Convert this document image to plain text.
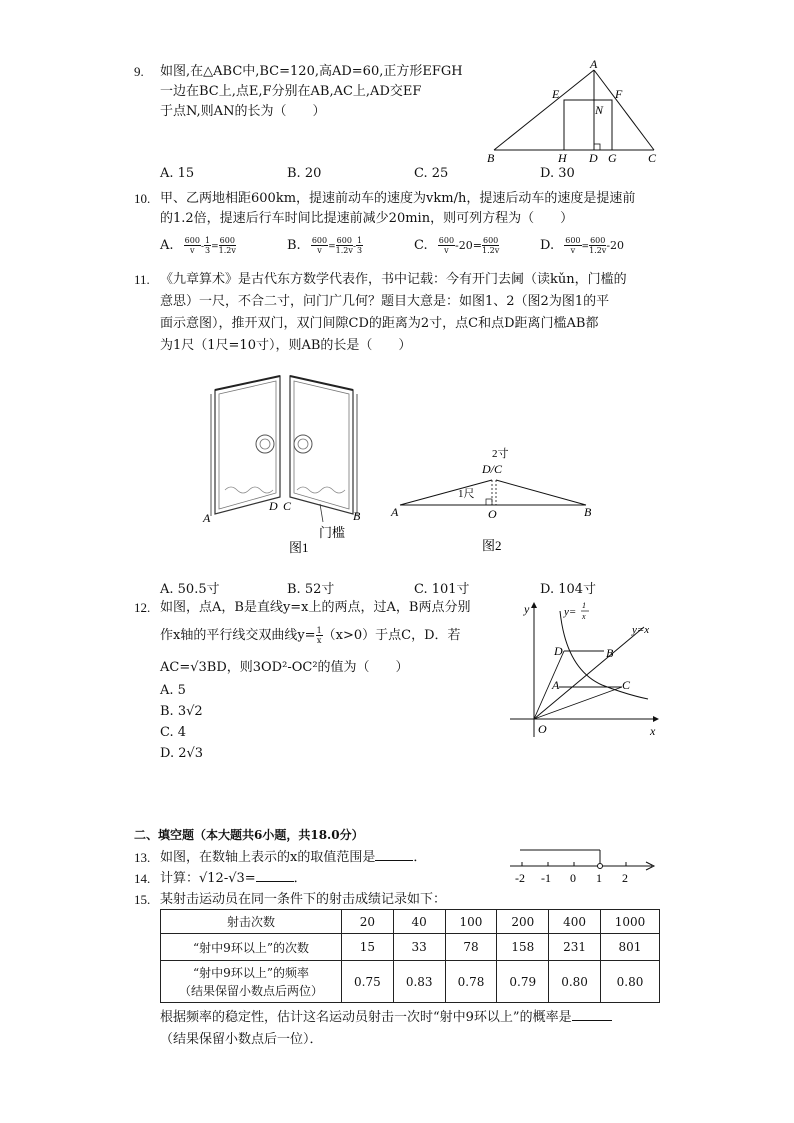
9. 如图,在△ABC中,BC=120,高AD=60,正方形EFGH
一边在BC上,点E,F分别在AB,AC上,AD交EF
于点N,则AN的长为（　　）
A
E	F
N
B	H D G	C
A. 15	B. 20	C. 25	D. 30
10. 甲、乙两地相距600km，提速前动车的速度为vkm/h，提速后动车的速度是提速前
的1.2倍，提速后行车时间比提速前减少20min，则可列方程为（　　）
A. $\frac{600}{v} - \frac{1}{3} = \frac{600}{1.2v}$	B. $\frac{600}{v} = \frac{600}{1.2v} - \frac{1}{3}$	C. $\frac{600}{v} -20= \frac{600}{1.2v}$	D. $\frac{600}{v} = \frac{600}{1.2v} -20$
11. 《九章算术》是古代东方数学代表作，书中记载：今有开门去阃（读kǔn，门槛的
意思）一尺，不合二寸，问门广几何？题目大意是：如图1、2（图2为图1的平
面示意图），推开双门，双门间隙CD的距离为2寸，点C和点D距离门槛AB都
为1尺（1尺=10寸），则AB的长是（　　）
A
D C
B
门槛
图1
2寸
D/C
1尺
A	O	B
图2
A. 50.5寸	B. 52寸	C. 101寸	D. 104寸
12. 如图，点A，B是直线y=x上的两点，过A，B两点分别
作x轴的平行线交双曲线$y= \frac{1}{x} (x>0)$于点C，D．若
AC=√3BD，则3OD²-OC²的值为（　　）
A. 5
B. 3√2
C. 4
D. 2√3
y
x
O
D	B
A	C
y=
1
x
y=x
二、填空题（本大题共6小题，共18.0分）
13. 如图，在数轴上表示的x的取值范围是	．
-2 -1 0 1 2
14. 计算：√12-√3=	．
15. 某射击运动员在同一条件下的射击成绩记录如下：
射击次数	20	40	100	200	400	1000
“射中9环以上”的次数	15	33	78	158	231	801

“射中9环以上”的频率
（结果保留小数点后两位）	0.75	0.83	0.78	0.79	0.80	0.80
根据频率的稳定性，估计这名运动员射击一次时“射中9环以上”的概率是
（结果保留小数点后一位）．
